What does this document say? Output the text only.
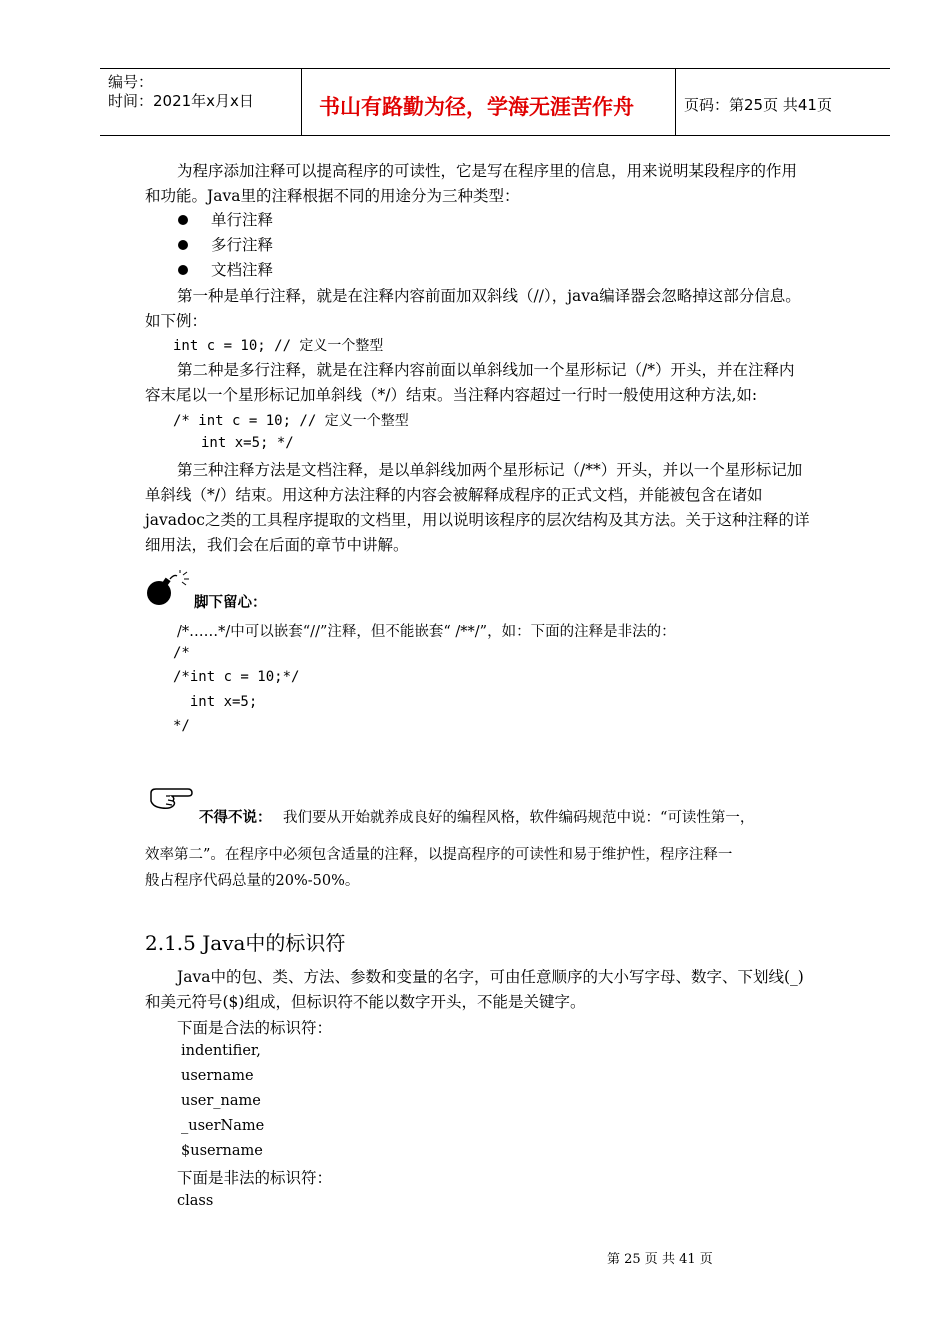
编号：
时间：2021年x月x日	书山有路勤为径，学海无涯苦作舟	页码：第25页 共41页
为程序添加注释可以提高程序的可读性，它是写在程序里的信息，用来说明某段程序的作用
和功能。Java里的注释根据不同的用途分为三种类型：
单行注释
多行注释
文档注释
第一种是单行注释，就是在注释内容前面加双斜线（//），java编译器会忽略掉这部分信息。
如下例：
int c = 10; // 定义一个整型
第二种是多行注释，就是在注释内容前面以单斜线加一个星形标记（/*）开头，并在注释内
容末尾以一个星形标记加单斜线（*/）结束。当注释内容超过一行时一般使用这种方法,如:
/* int c = 10; // 定义一个整型
int x=5; */
第三种注释方法是文档注释，是以单斜线加两个星形标记（/**）开头，并以一个星形标记加
单斜线（*/）结束。用这种方法注释的内容会被解释成程序的正式文档，并能被包含在诸如
javadoc之类的工具程序提取的文档里，用以说明该程序的层次结构及其方法。关于这种注释的详
细用法，我们会在后面的章节中讲解。
脚下留心：
/*……*/中可以嵌套“//”注释，但不能嵌套“ /**/”，如：下面的注释是非法的：
/*
/*int c = 10;*/
int x=5;
*/
不得不说： 我们要从开始就养成良好的编程风格，软件编码规范中说：“可读性第一，
效率第二”。在程序中必须包含适量的注释，以提高程序的可读性和易于维护性，程序注释一
般占程序代码总量的20%-50%。
2.1.5 Java中的标识符
Java中的包、类、方法、参数和变量的名字，可由任意顺序的大小写字母、数字、下划线(_)
和美元符号($)组成，但标识符不能以数字开头，不能是关键字。
下面是合法的标识符：
indentifier,
username
user_name
_userName
$username
下面是非法的标识符：
class
第 25 页 共 41 页
